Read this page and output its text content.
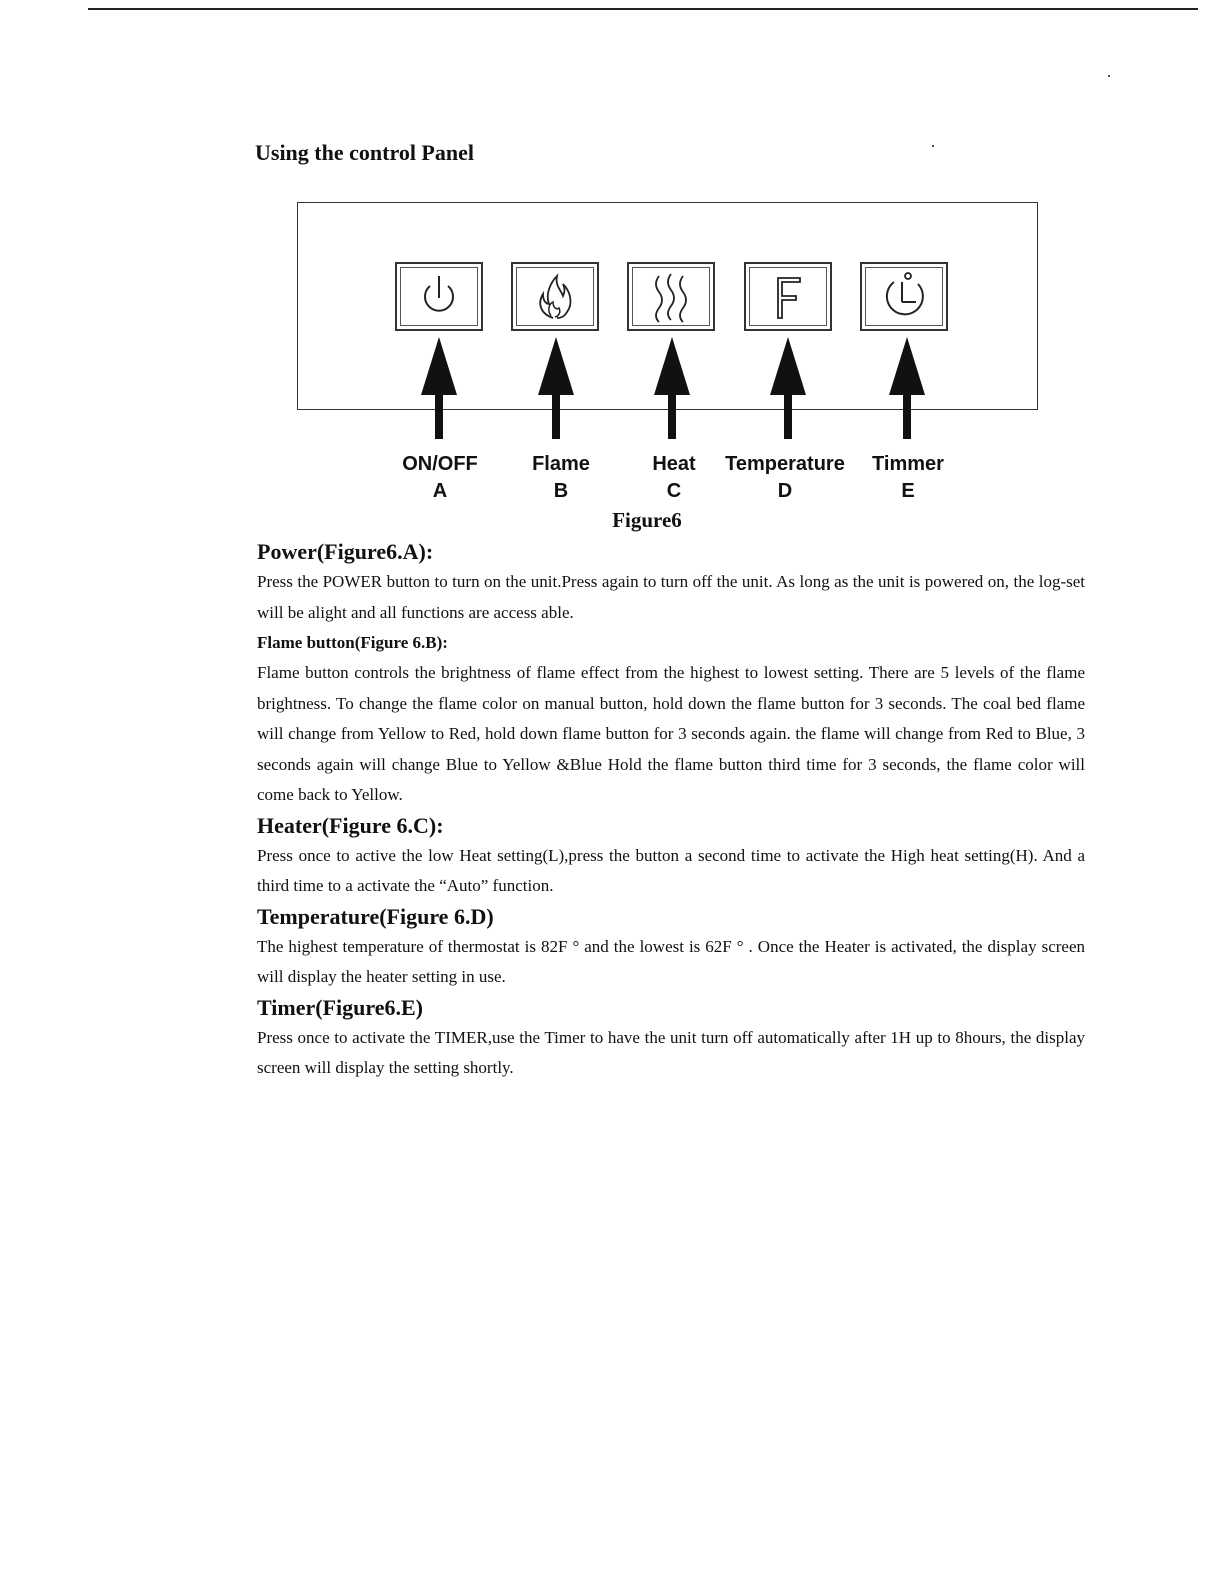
Using the control Panel
ON/OFF
A
Flame
B
Heat
C
Temperature
D
Timmer
E

Figure6

Power(Figure6.A):

Press the POWER button to turn on the unit.Press again to turn off the unit. As long as the unit is powered on, the log-set will be alight and all functions are access able.

Flame button(Figure 6.B):

Flame button controls the brightness of flame effect from the highest to lowest setting. There are 5 levels of the flame brightness. To change the flame color on manual button, hold down the flame button for 3 seconds. The coal bed flame will change from Yellow to Red, hold down flame button for 3 seconds again. the flame will change from Red to Blue, 3 seconds again will change Blue to Yellow &Blue Hold the flame button third time for 3 seconds, the flame color will come back to Yellow.

Heater(Figure 6.C):

Press once to active the low Heat setting(L),press the button a second time to activate the High heat setting(H). And a third time to a activate the “Auto” function.

Temperature(Figure 6.D)

The highest temperature of thermostat is 82F ° and the lowest is 62F ° . Once the Heater is activated, the display screen will display the heater setting in use.

Timer(Figure6.E)

Press once to activate the TIMER,use the Timer to have the unit turn off automatically after 1H up to 8hours, the display screen will display the setting shortly.
